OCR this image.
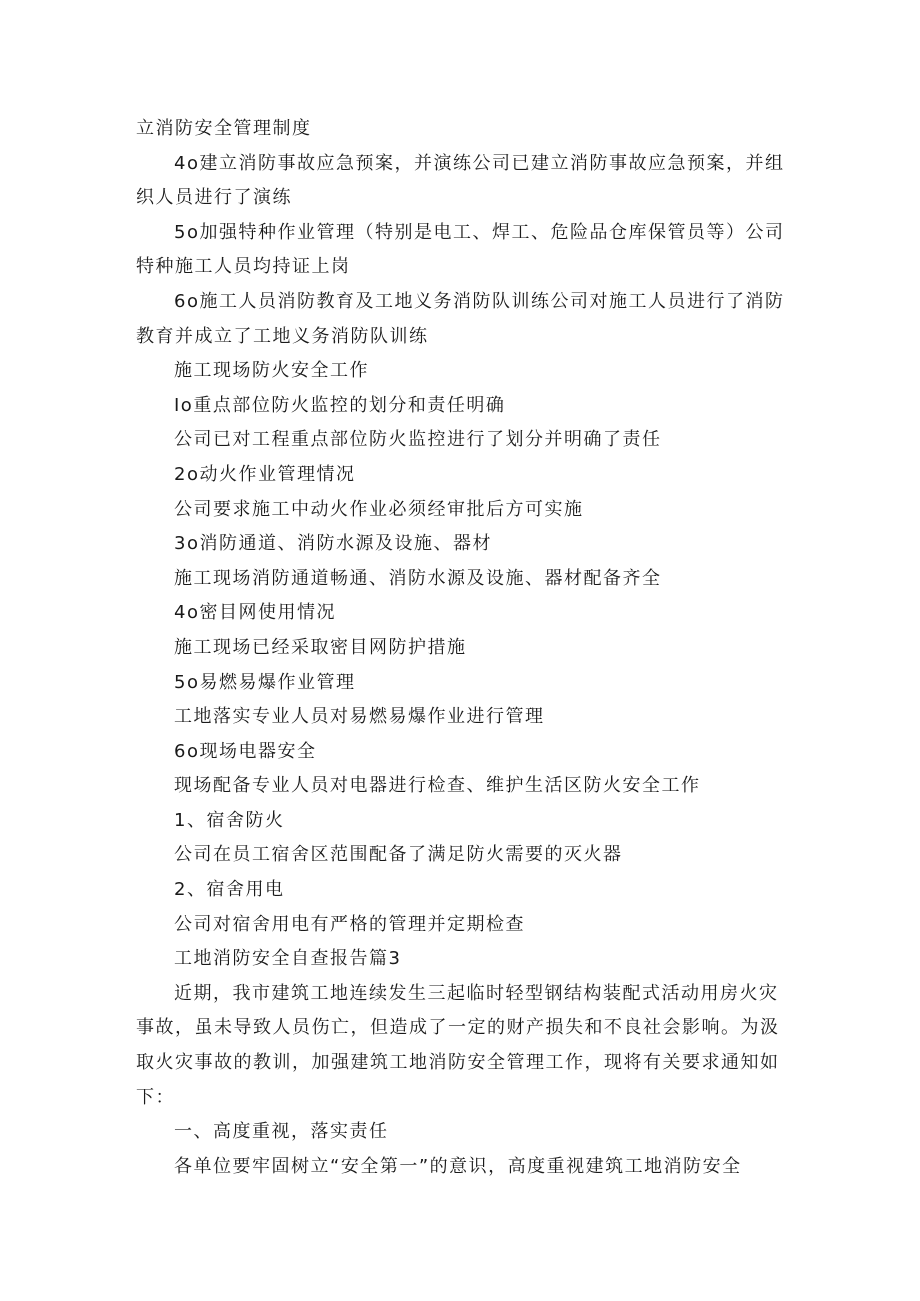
立消防安全管理制度

4o建立消防事故应急预案，并演练公司已建立消防事故应急预案，并组织人员进行了演练

5o加强特种作业管理（特别是电工、焊工、危险品仓库保管员等）公司特种施工人员均持证上岗

6o施工人员消防教育及工地义务消防队训练公司对施工人员进行了消防教育并成立了工地义务消防队训练

施工现场防火安全工作

Io重点部位防火监控的划分和责任明确

公司已对工程重点部位防火监控进行了划分并明确了责任

2o动火作业管理情况

公司要求施工中动火作业必须经审批后方可实施

3o消防通道、消防水源及设施、器材

施工现场消防通道畅通、消防水源及设施、器材配备齐全

4o密目网使用情况

施工现场已经采取密目网防护措施

5o易燃易爆作业管理

工地落实专业人员对易燃易爆作业进行管理

6o现场电器安全

现场配备专业人员对电器进行检查、维护生活区防火安全工作

1、宿舍防火

公司在员工宿舍区范围配备了满足防火需要的灭火器

2、宿舍用电

公司对宿舍用电有严格的管理并定期检查

工地消防安全自查报告篇3

近期，我市建筑工地连续发生三起临时轻型钢结构装配式活动用房火灾事故，虽未导致人员伤亡，但造成了一定的财产损失和不良社会影响。为汲取火灾事故的教训，加强建筑工地消防安全管理工作，现将有关要求通知如下：

一、高度重视，落实责任

各单位要牢固树立“安全第一”的意识，高度重视建筑工地消防安全
